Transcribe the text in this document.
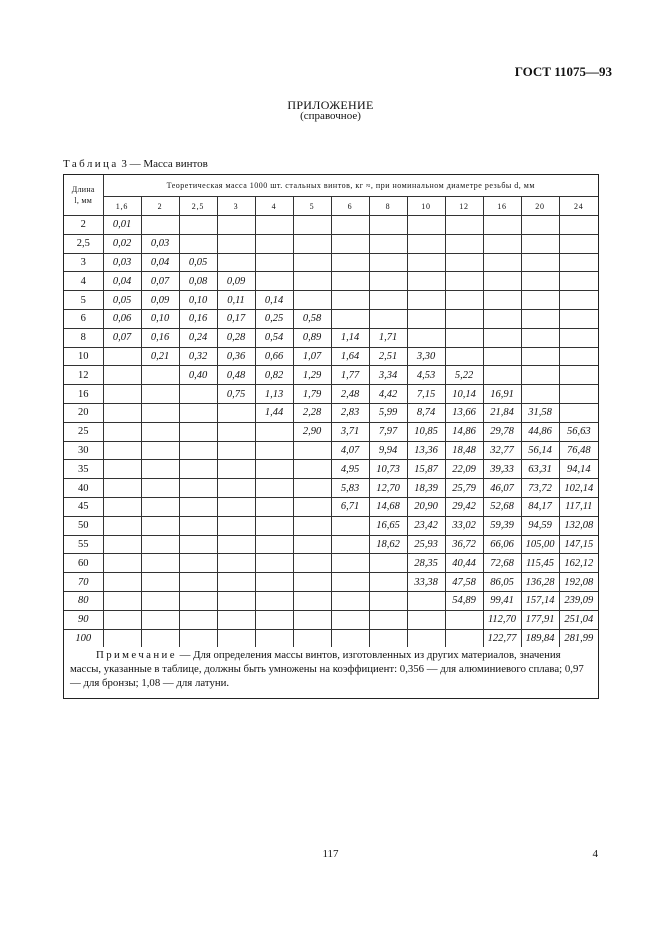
ГОСТ 11075—93
ПРИЛОЖЕНИЕ
(справочное)
Таблица 3 — Масса винтов
Длина
l, мм	Теоретическая масса 1000 шт. стальных винтов, кг ≈, при номинальном диаметре резьбы d, мм												
	1,6	2	2,5	3	4	5	6	8	10	12	16	20	24
2	0,01												
2,5	0,02	0,03											
3	0,03	0,04	0,05										
4	0,04	0,07	0,08	0,09									
5	0,05	0,09	0,10	0,11	0,14								
6	0,06	0,10	0,16	0,17	0,25	0,58							
8	0,07	0,16	0,24	0,28	0,54	0,89	1,14	1,71					
10		0,21	0,32	0,36	0,66	1,07	1,64	2,51	3,30				
12			0,40	0,48	0,82	1,29	1,77	3,34	4,53	5,22			
16				0,75	1,13	1,79	2,48	4,42	7,15	10,14	16,91		
20					1,44	2,28	2,83	5,99	8,74	13,66	21,84	31,58	
25						2,90	3,71	7,97	10,85	14,86	29,78	44,86	56,63
30							4,07	9,94	13,36	18,48	32,77	56,14	76,48
35							4,95	10,73	15,87	22,09	39,33	63,31	94,14
40							5,83	12,70	18,39	25,79	46,07	73,72	102,14
45							6,71	14,68	20,90	29,42	52,68	84,17	117,11
50								16,65	23,42	33,02	59,39	94,59	132,08
55								18,62	25,93	36,72	66,06	105,00	147,15
60									28,35	40,44	72,68	115,45	162,12
70									33,38	47,58	86,05	136,28	192,08
80										54,89	99,41	157,14	239,09
90											112,70	177,91	251,04
100											122,77	189,84	281,99
Примечание — Для определения массы винтов, изготовленных из других материалов, значения массы, указанные в таблице, должны быть умножены на коэффициент: 0,356 — для алюминиевого сплава; 0,97 — для бронзы; 1,08 — для латуни.
117	4
